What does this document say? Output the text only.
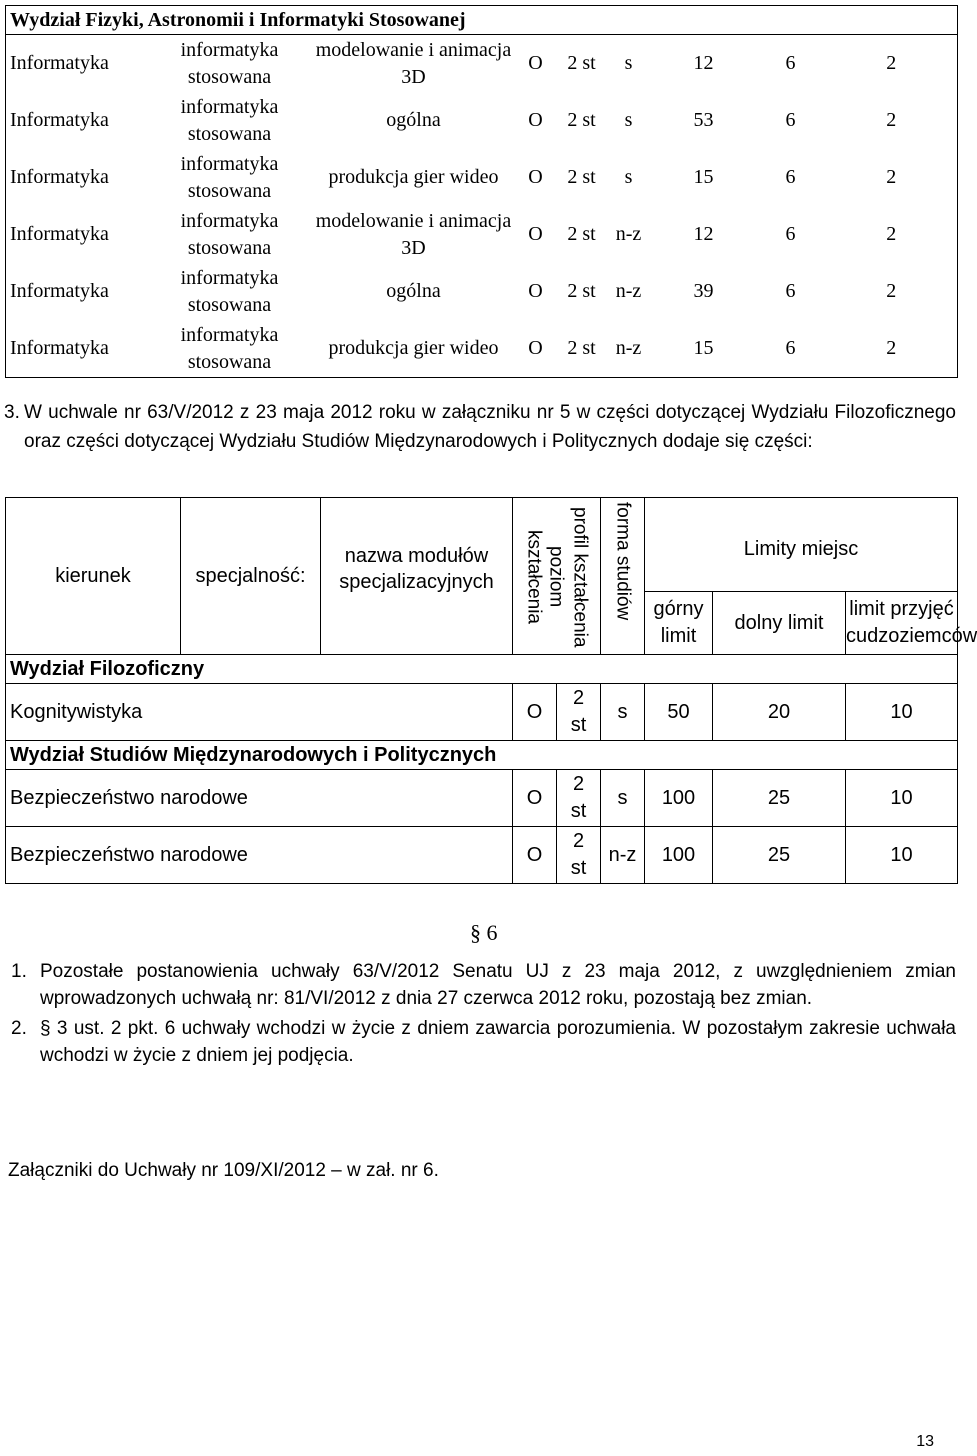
Wydział Fizyki, Astronomii i Informatyki Stosowanej								
Informatyka	informatyka stosowana	modelowanie i animacja 3D	O	2 st	s	12	6	2
Informatyka	informatyka stosowana	ogólna	O	2 st	s	53	6	2
Informatyka	informatyka stosowana	produkcja gier wideo	O	2 st	s	15	6	2
Informatyka	informatyka stosowana	modelowanie i animacja 3D	O	2 st	n-z	12	6	2
Informatyka	informatyka stosowana	ogólna	O	2 st	n-z	39	6	2
Informatyka	informatyka stosowana	produkcja gier wideo	O	2 st	n-z	15	6	2
3. W uchwale nr 63/V/2012 z 23 maja 2012 roku w załączniku nr 5 w części dotyczącej Wydziału Filozoficznego oraz części dotyczącej Wydziału Studiów Międzynarodowych i Politycznych dodaje się części:
kierunek	specjalność:	nazwa modułów specjalizacyjnych	poziom kształcenia profil kształcenia		forma studiów	Limity miejsc		
						górny limit	dolny limit	limit przyjęć cudzoziemców
Wydział Filozoficzny								
Kognitywistyka			O	2 st	s	50	20	10
Wydział Studiów Międzynarodowych i Politycznych								
Bezpieczeństwo narodowe			O	2 st	s	100	25	10
Bezpieczeństwo narodowe			O	2 st	n-z	100	25	10
§ 6
1. Pozostałe postanowienia uchwały 63/V/2012 Senatu UJ z 23 maja 2012, z uwzględnieniem zmian wprowadzonych uchwałą nr: 81/VI/2012 z dnia 27 czerwca 2012 roku, pozostają bez zmian.
2. § 3 ust. 2 pkt. 6 uchwały wchodzi w życie z dniem zawarcia porozumienia. W pozostałym zakresie uchwała wchodzi w życie z dniem jej podjęcia.
Załączniki do Uchwały nr 109/XI/2012 – w zał. nr 6.
13
